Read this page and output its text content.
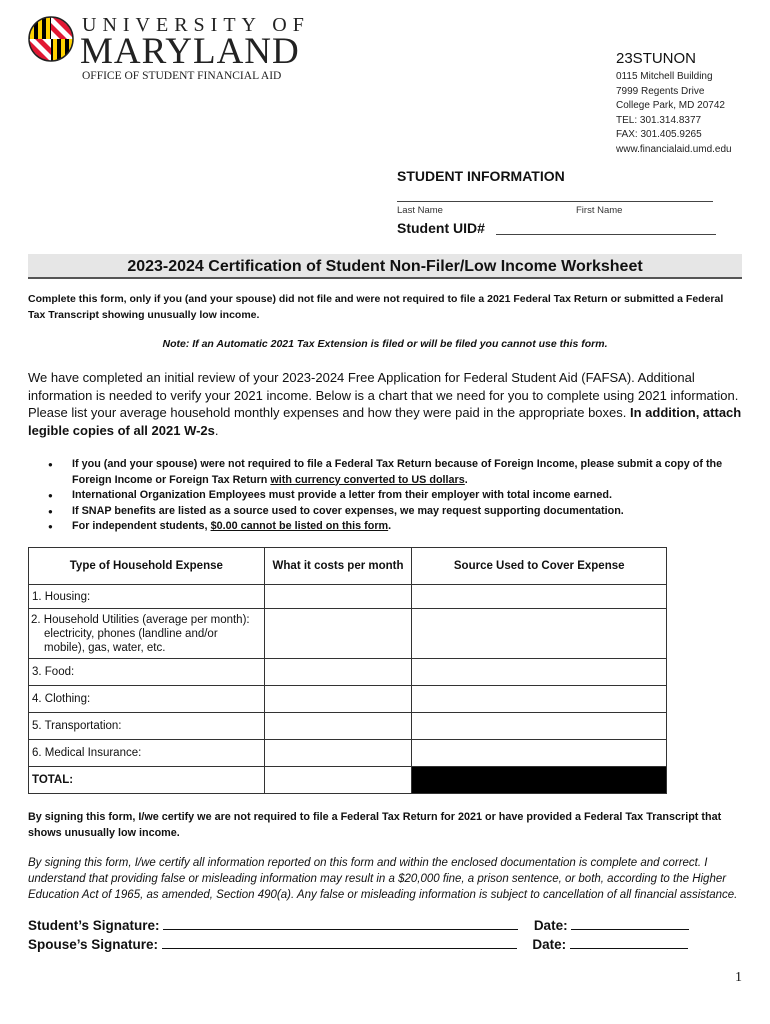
UNIVERSITY OF
MARYLAND
OFFICE OF STUDENT FINANCIAL AID
23STUNON
0115 Mitchell Building
7999 Regents Drive
College Park, MD 20742
TEL: 301.314.8377
FAX: 301.405.9265
www.financialaid.umd.edu
STUDENT INFORMATION
Last Name	First Name
Student UID#
2023-2024 Certification of Student Non-Filer/Low Income Worksheet
Complete this form, only if you (and your spouse) did not file and were not required to file a 2021 Federal Tax Return or submitted a Federal Tax Transcript showing unusually low income.
Note: If an Automatic 2021 Tax Extension is filed or will be filed you cannot use this form.
We have completed an initial review of your 2023-2024 Free Application for Federal Student Aid (FAFSA). Additional information is needed to verify your 2021 income. Below is a chart that we need for you to complete using 2021 information. Please list your average household monthly expenses and how they were paid in the appropriate boxes. In addition, attach legible copies of all 2021 W-2s.
● If you (and your spouse) were not required to file a Federal Tax Return because of Foreign Income, please submit a copy of the Foreign Income or Foreign Tax Return with currency converted to US dollars.
● International Organization Employees must provide a letter from their employer with total income earned.
● If SNAP benefits are listed as a source used to cover expenses, we may request supporting documentation.
● For independent students, $0.00 cannot be listed on this form.
Type of Household Expense	What it costs per month	Source Used to Cover Expense
1. Housing:		
2. Household Utilities (average per month): electricity, phones (landline and/or mobile), gas, water, etc.		
3. Food:		
4. Clothing:		
5. Transportation:		
6. Medical Insurance:		
TOTAL:		
By signing this form, I/we certify we are not required to file a Federal Tax Return for 2021 or have provided a Federal Tax Transcript that shows unusually low income.
By signing this form, I/we certify all information reported on this form and within the enclosed documentation is complete and correct. I understand that providing false or misleading information may result in a $20,000 fine, a prison sentence, or both, according to the Higher Education Act of 1965, as amended, Section 490(a). Any false or misleading information is subject to cancellation of all financial assistance.
Student’s Signature:	Date:
Spouse’s Signature:	Date:
1
